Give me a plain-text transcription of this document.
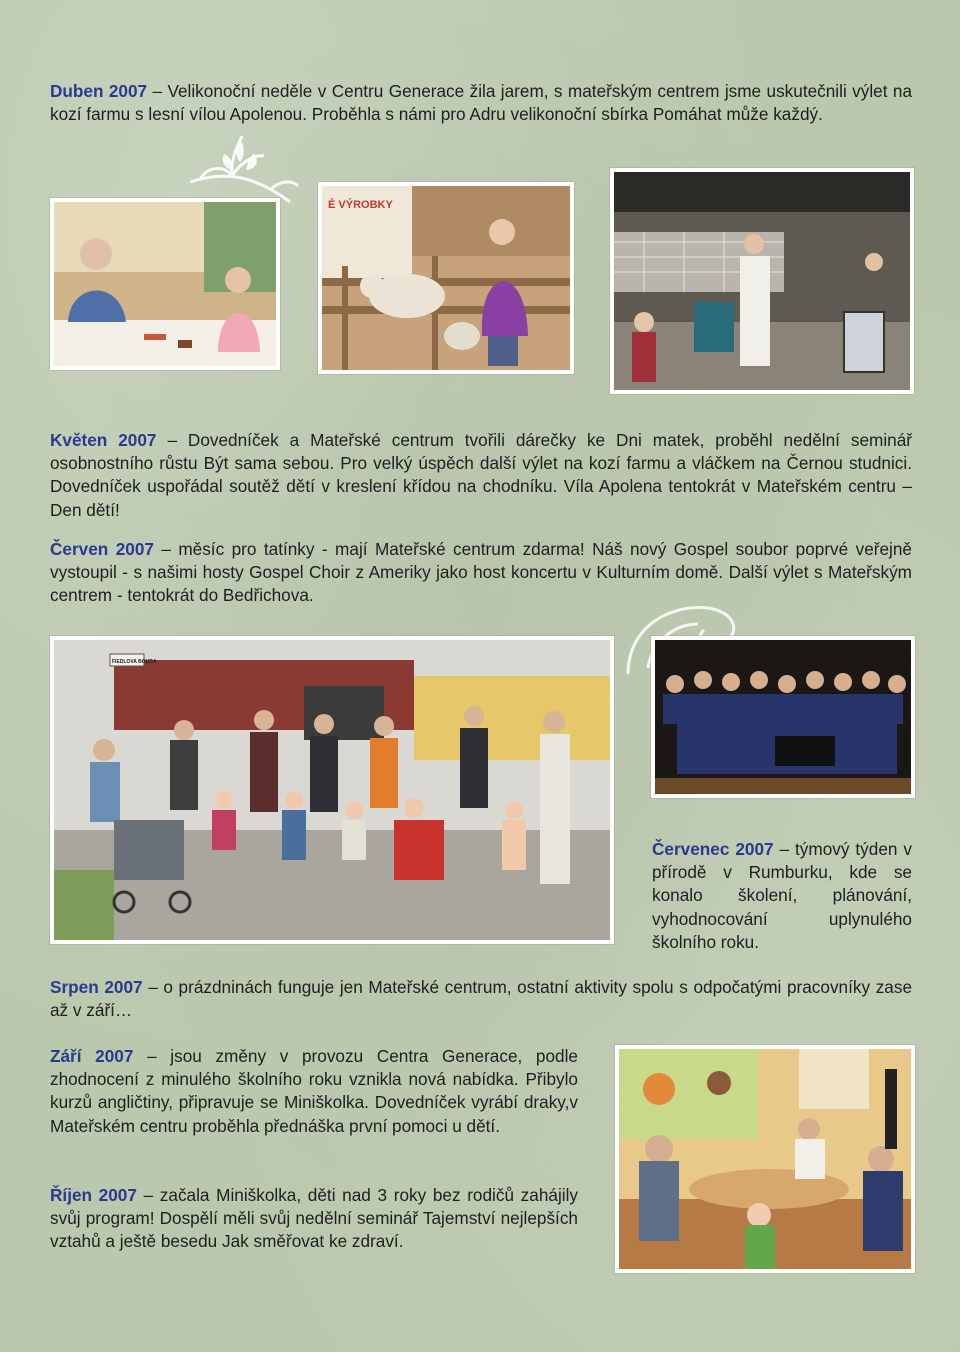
Duben 2007 – Velikonoční neděle v Centru Generace žila jarem, s mateřským centrem jsme uskutečnili výlet na kozí farmu s lesní vílou Apolenou. Proběhla s námi pro Adru velikonoční sbírka Pomáhat může každý.

É VÝROBKY

Květen 2007 – Dovedníček a Mateřské centrum tvořili dárečky ke Dni matek, proběhl nedělní seminář osobnostního růstu Být sama sebou. Pro velký úspěch další výlet na kozí farmu a vláčkem na Černou studnici. Dovedníček uspořádal soutěž dětí v kreslení křídou na chodníku. Víla Apolena tentokrát v Mateřském centru – Den dětí!

Červen 2007 – měsíc pro tatínky - mají Mateřské centrum zdarma! Náš nový Gospel soubor poprvé veřejně vystoupil - s našimi hosty Gospel Choir z Ameriky jako host koncertu v Kulturním domě. Další výlet s Mateřským centrem - tentokrát do Bedřichova.

FIEDLOVA BOUDA

Červenec 2007 – týmový týden v přírodě v Rumburku, kde se konalo školení, plánování, vyhodnocování uplynulého školního roku.

Srpen 2007 – o prázdninách funguje jen Mateřské centrum, ostatní aktivity spolu s odpočatými pracovníky zase až v září…

Září 2007 – jsou změny v provozu Centra Generace, podle zhodnocení z minulého školního roku vznikla nová nabídka. Přibylo kurzů angličtiny, připravuje se Miniškolka. Dovedníček vyrábí draky,v Mateřském centru proběhla přednáška první pomoci u dětí.

Říjen 2007 – začala Miniškolka, děti nad 3 roky bez rodičů zahájily svůj program! Dospělí měli svůj nedělní seminář Tajemství nejlepších vztahů a ještě besedu Jak směřovat ke zdraví.
